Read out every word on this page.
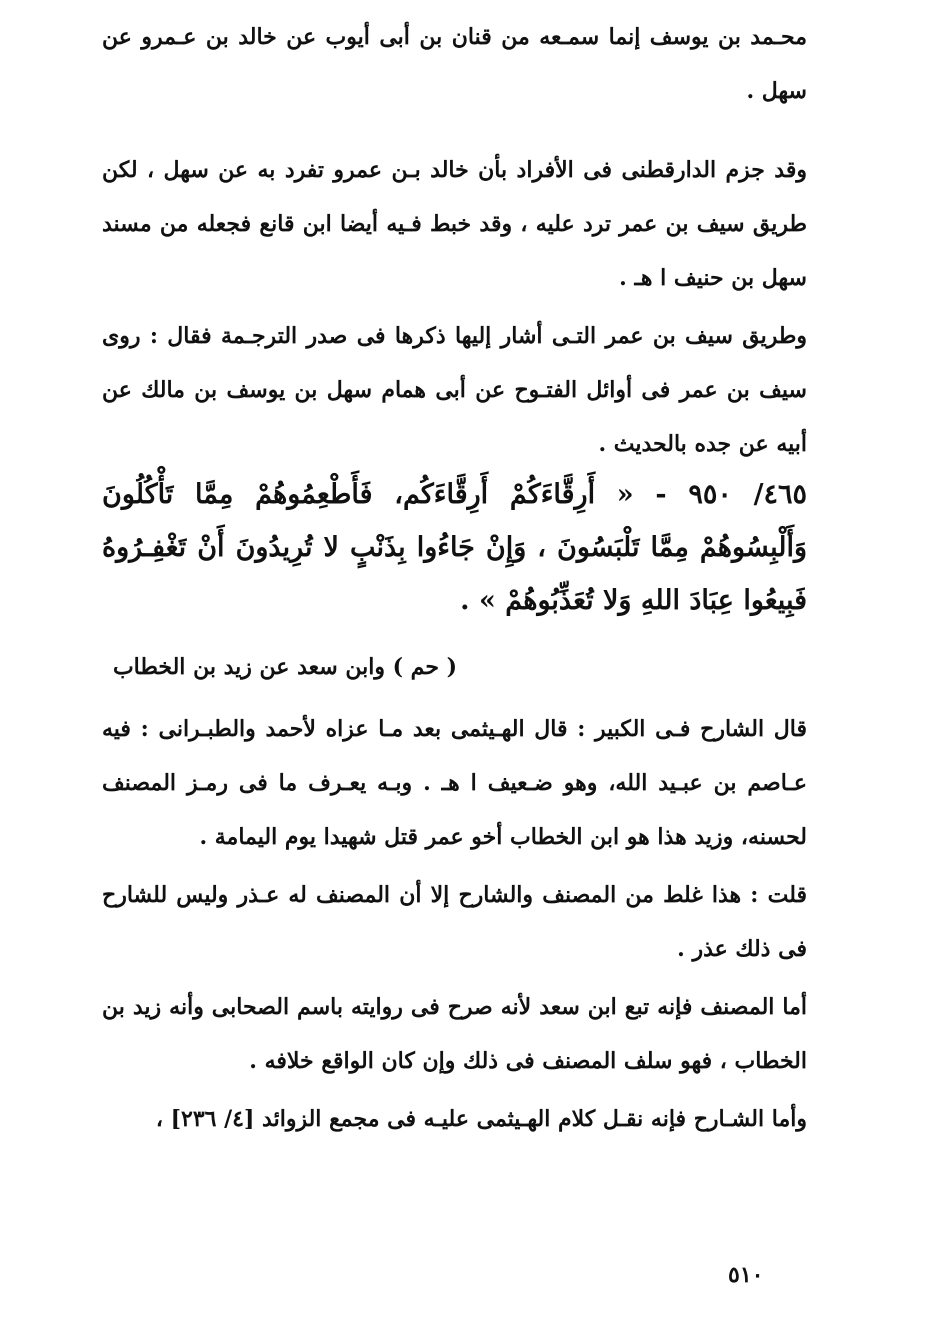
محـمد بن يوسف إنما سمـعه من قنان بن أبى أيوب عن خالد بن عـمرو عن سهل .

وقد جزم الدارقطنى فى الأفراد بأن خالد بـن عمرو تفرد به عن سهل ، لكن طريق سيف بن عمر ترد عليه ، وقد خبط فـيه أيضا ابن قانع فجعله من مسند سهل بن حنيف ا هـ .

وطريق سيف بن عمر التـى أشار إليها ذكرها فى صدر الترجـمة فقال : روى سيف بن عمر فى أوائل الفتـوح عن أبى همام سهل بن يوسف بن مالك عن أبيه عن جده بالحديث .

٤٦٥/ ٩٥٠ - « أَرِقَّاءَكُمْ أَرِقَّاءَكُم، فَأَطْعِمُوهُمْ مِمَّا تَأْكُلُونَ وَأَلْبِسُوهُمْ مِمَّا تَلْبَسُونَ ، وَإِنْ جَاءُوا بِذَنْبٍ لا تُرِيدُونَ أَنْ تَغْفِـرُوهُ فَبِيعُوا عِبَادَ اللهِ وَلا تُعَذِّبُوهُمْ » .

( حم ) وابن سعد عن زيد بن الخطاب

قال الشارح فـى الكبير : قال الهـيثمى بعد مـا عزاه لأحمد والطبـرانى : فيه عـاصم بن عبـيد الله، وهو ضـعيف ا هـ . وبـه يعـرف ما فى رمـز المصنف لحسنه، وزيد هذا هو ابن الخطاب أخو عمر قتل شهيدا يوم اليمامة .

قلت : هذا غلط من المصنف والشارح إلا أن المصنف له عـذر وليس للشارح فى ذلك عذر .

أما المصنف فإنه تبع ابن سعد لأنه صرح فى روايته باسم الصحابى وأنه زيد بن الخطاب ، فهو سلف المصنف فى ذلك وإن كان الواقع خلافه .

وأما الشـارح فإنه نقـل كلام الهـيثمى عليـه فى مجمع الزوائد [٤/ ٢٣٦] ،

٥١٠
